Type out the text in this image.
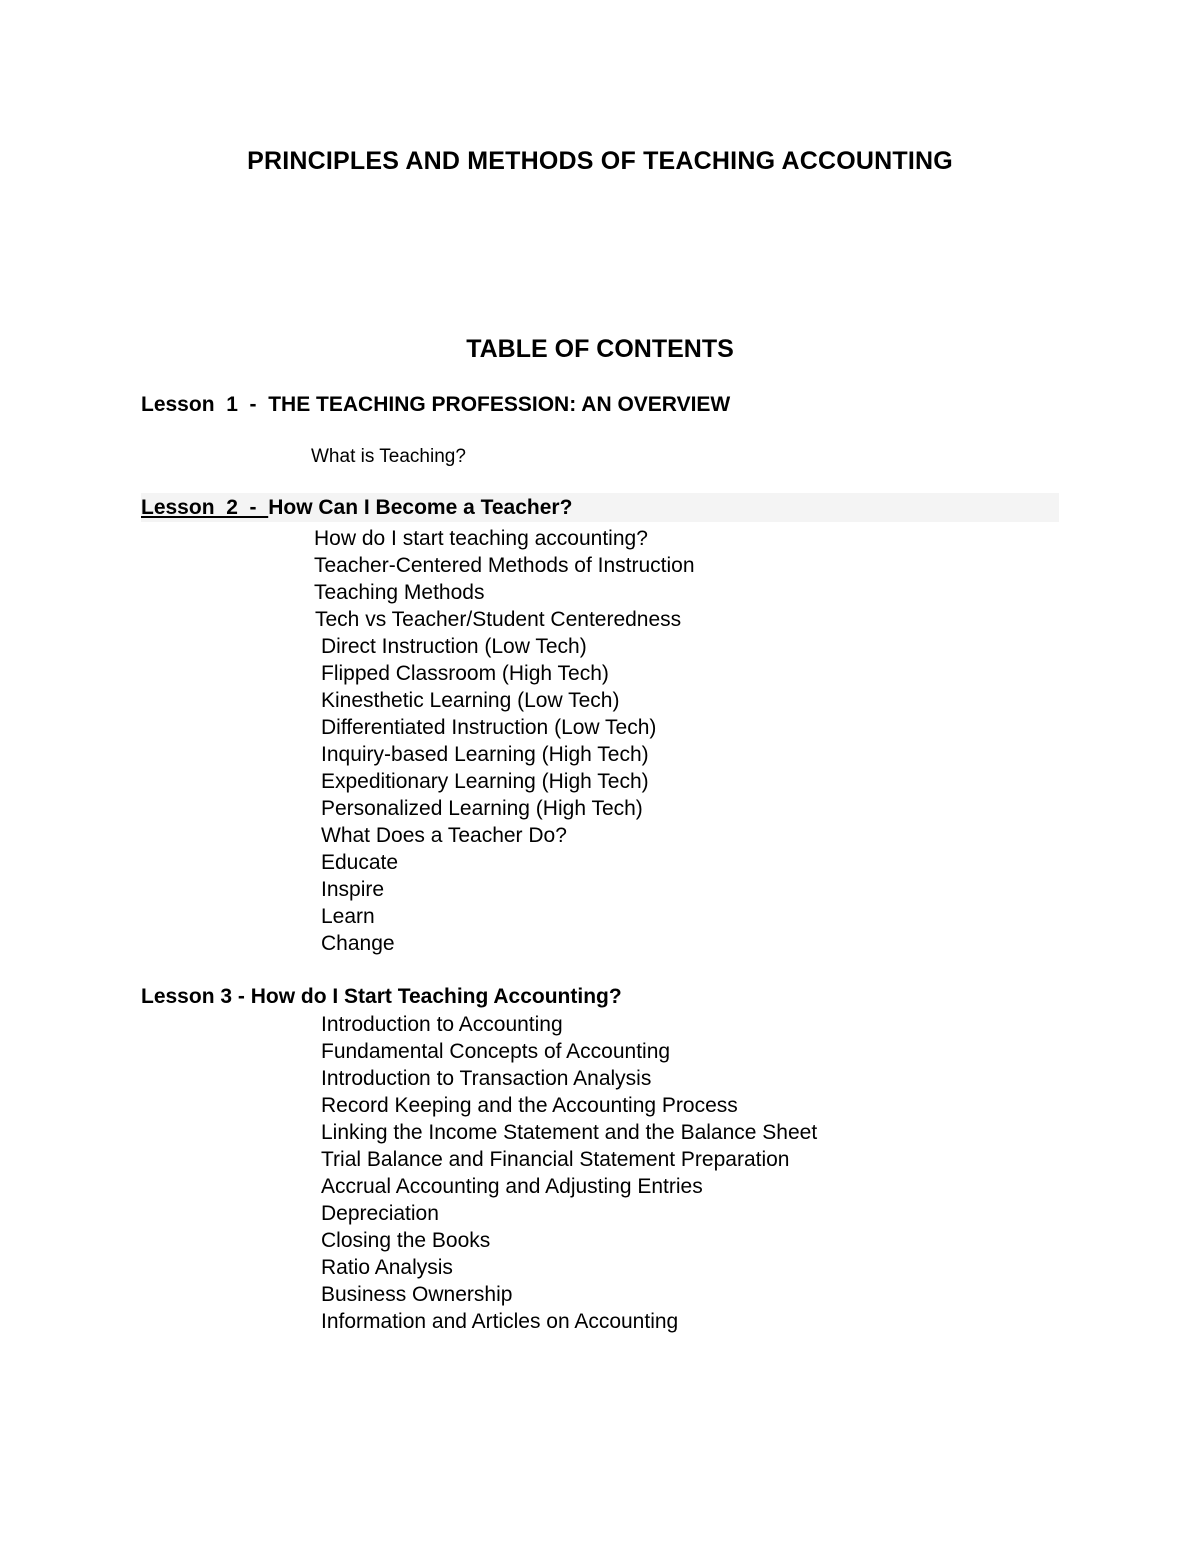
PRINCIPLES AND METHODS OF TEACHING ACCOUNTING
TABLE OF CONTENTS
Lesson  1  -  THE TEACHING PROFESSION: AN OVERVIEW
What is Teaching?
Lesson  2  -  How Can I Become a Teacher?
How do I start teaching accounting?
Teacher-Centered Methods of Instruction
Teaching Methods
Tech vs Teacher/Student Centeredness
Direct Instruction (Low Tech)
Flipped Classroom (High Tech)
Kinesthetic Learning (Low Tech)
Differentiated Instruction (Low Tech)
Inquiry-based Learning (High Tech)
Expeditionary Learning (High Tech)
Personalized Learning (High Tech)
What Does a Teacher Do?
Educate
Inspire
Learn
Change
Lesson 3 - How do I Start Teaching Accounting?
Introduction to Accounting
Fundamental Concepts of Accounting
Introduction to Transaction Analysis
Record Keeping and the Accounting Process
Linking the Income Statement and the Balance Sheet
Trial Balance and Financial Statement Preparation
Accrual Accounting and Adjusting Entries
Depreciation
Closing the Books
Ratio Analysis
Business Ownership
Information and Articles on Accounting
